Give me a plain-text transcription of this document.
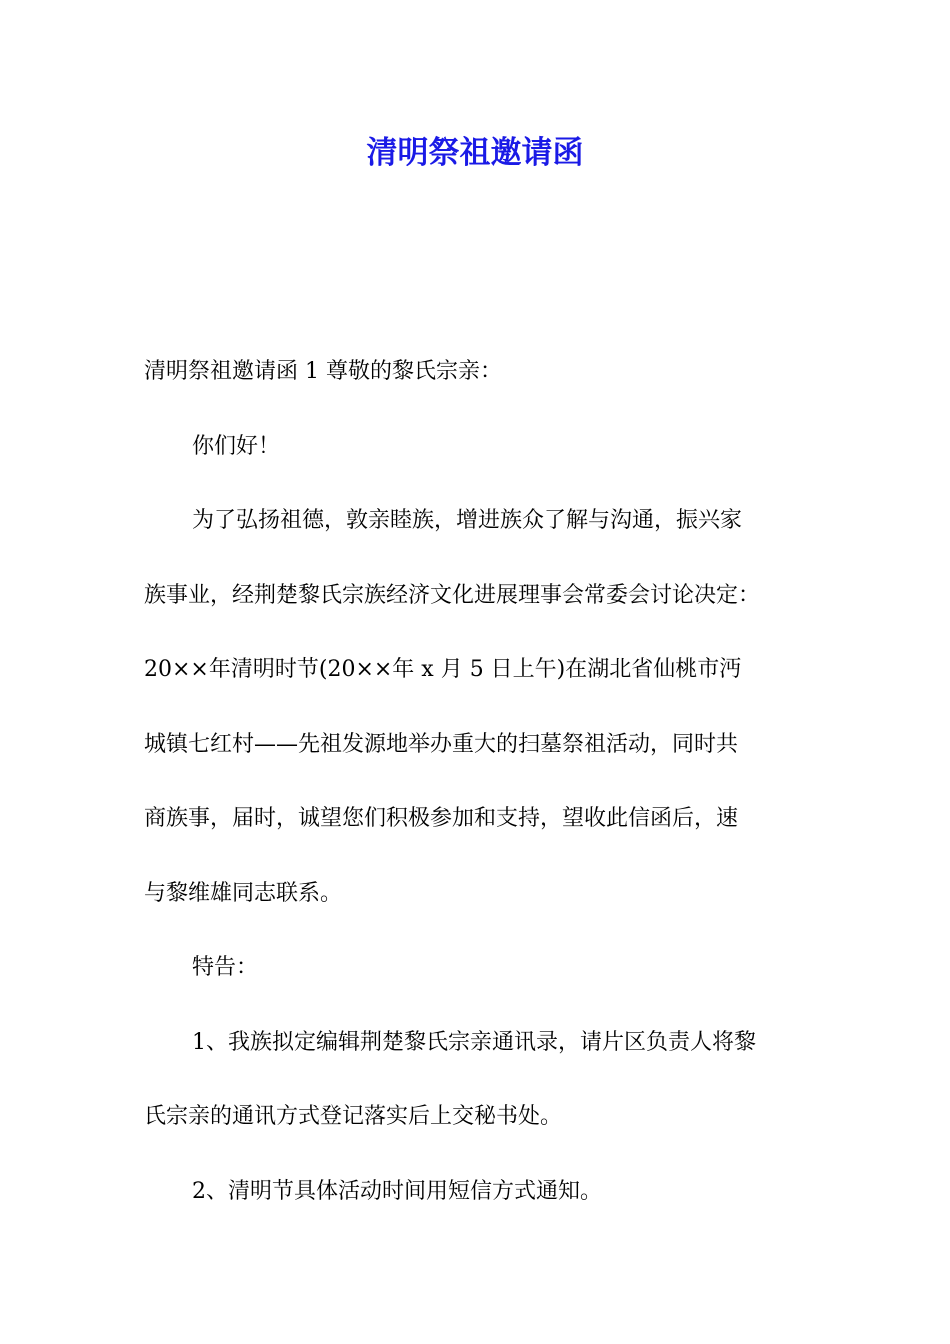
清明祭祖邀请函

清明祭祖邀请函 1 尊敬的黎氏宗亲：

你们好！

为了弘扬祖德，敦亲睦族，增进族众了解与沟通，振兴家

族事业，经荆楚黎氏宗族经济文化进展理事会常委会讨论决定：

20××年清明时节(20××年 x 月 5 日上午)在湖北省仙桃市沔

城镇七红村——先祖发源地举办重大的扫墓祭祖活动，同时共

商族事，届时，诚望您们积极参加和支持，望收此信函后，速

与黎维雄同志联系。

特告：

1、我族拟定编辑荆楚黎氏宗亲通讯录，请片区负责人将黎

氏宗亲的通讯方式登记落实后上交秘书处。

2、清明节具体活动时间用短信方式通知。
